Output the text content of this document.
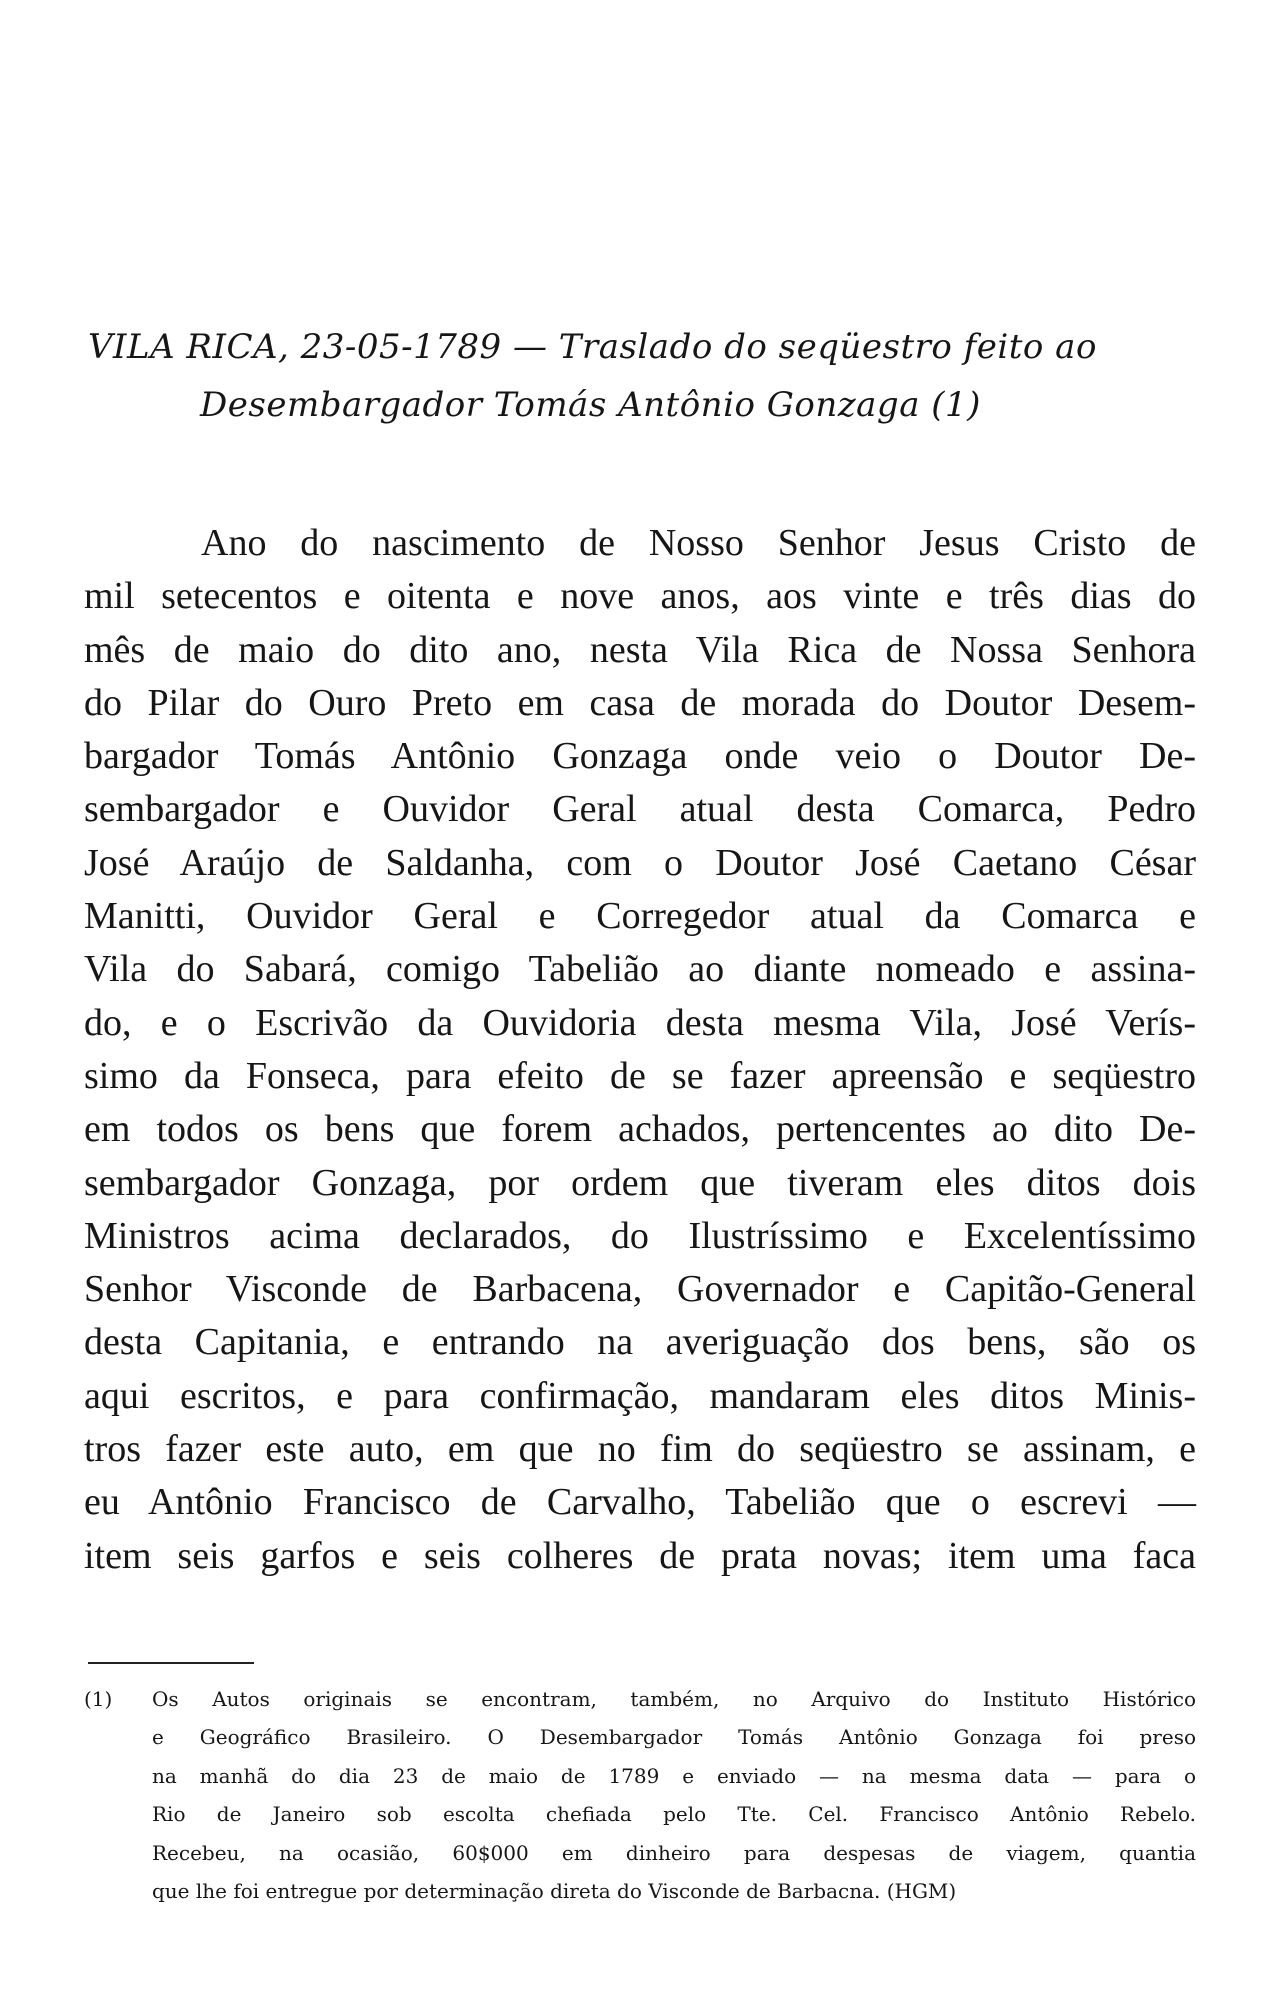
VILA RICA, 23-05-1789 — Traslado do seqüestro feito ao
Desembargador Tomás Antônio Gonzaga (1)
Ano do nascimento de Nosso Senhor Jesus Cristo de
mil setecentos e oitenta e nove anos, aos vinte e três dias do
mês de maio do dito ano, nesta Vila Rica de Nossa Senhora
do Pilar do Ouro Preto em casa de morada do Doutor Desem-
bargador Tomás Antônio Gonzaga onde veio o Doutor De-
sembargador e Ouvidor Geral atual desta Comarca, Pedro
José Araújo de Saldanha, com o Doutor José Caetano César
Manitti, Ouvidor Geral e Corregedor atual da Comarca e
Vila do Sabará, comigo Tabelião ao diante nomeado e assina-
do, e o Escrivão da Ouvidoria desta mesma Vila, José Verís-
simo da Fonseca, para efeito de se fazer apreensão e seqüestro
em todos os bens que forem achados, pertencentes ao dito De-
sembargador Gonzaga, por ordem que tiveram eles ditos dois
Ministros acima declarados, do Ilustríssimo e Excelentíssimo
Senhor Visconde de Barbacena, Governador e Capitão-General
desta Capitania, e entrando na averiguação dos bens, são os
aqui escritos, e para confirmação, mandaram eles ditos Minis-
tros fazer este auto, em que no fim do seqüestro se assinam, e
eu Antônio Francisco de Carvalho, Tabelião que o escrevi —
item seis garfos e seis colheres de prata novas; item uma faca
(1) Os Autos originais se encontram, também, no Arquivo do Instituto Histórico
e Geográfico Brasileiro. O Desembargador Tomás Antônio Gonzaga foi preso
na manhã do dia 23 de maio de 1789 e enviado — na mesma data — para o
Rio de Janeiro sob escolta chefiada pelo Tte. Cel. Francisco Antônio Rebelo.
Recebeu, na ocasião, 60$000 em dinheiro para despesas de viagem, quantia
que lhe foi entregue por determinação direta do Visconde de Barbacna. (HGM)
